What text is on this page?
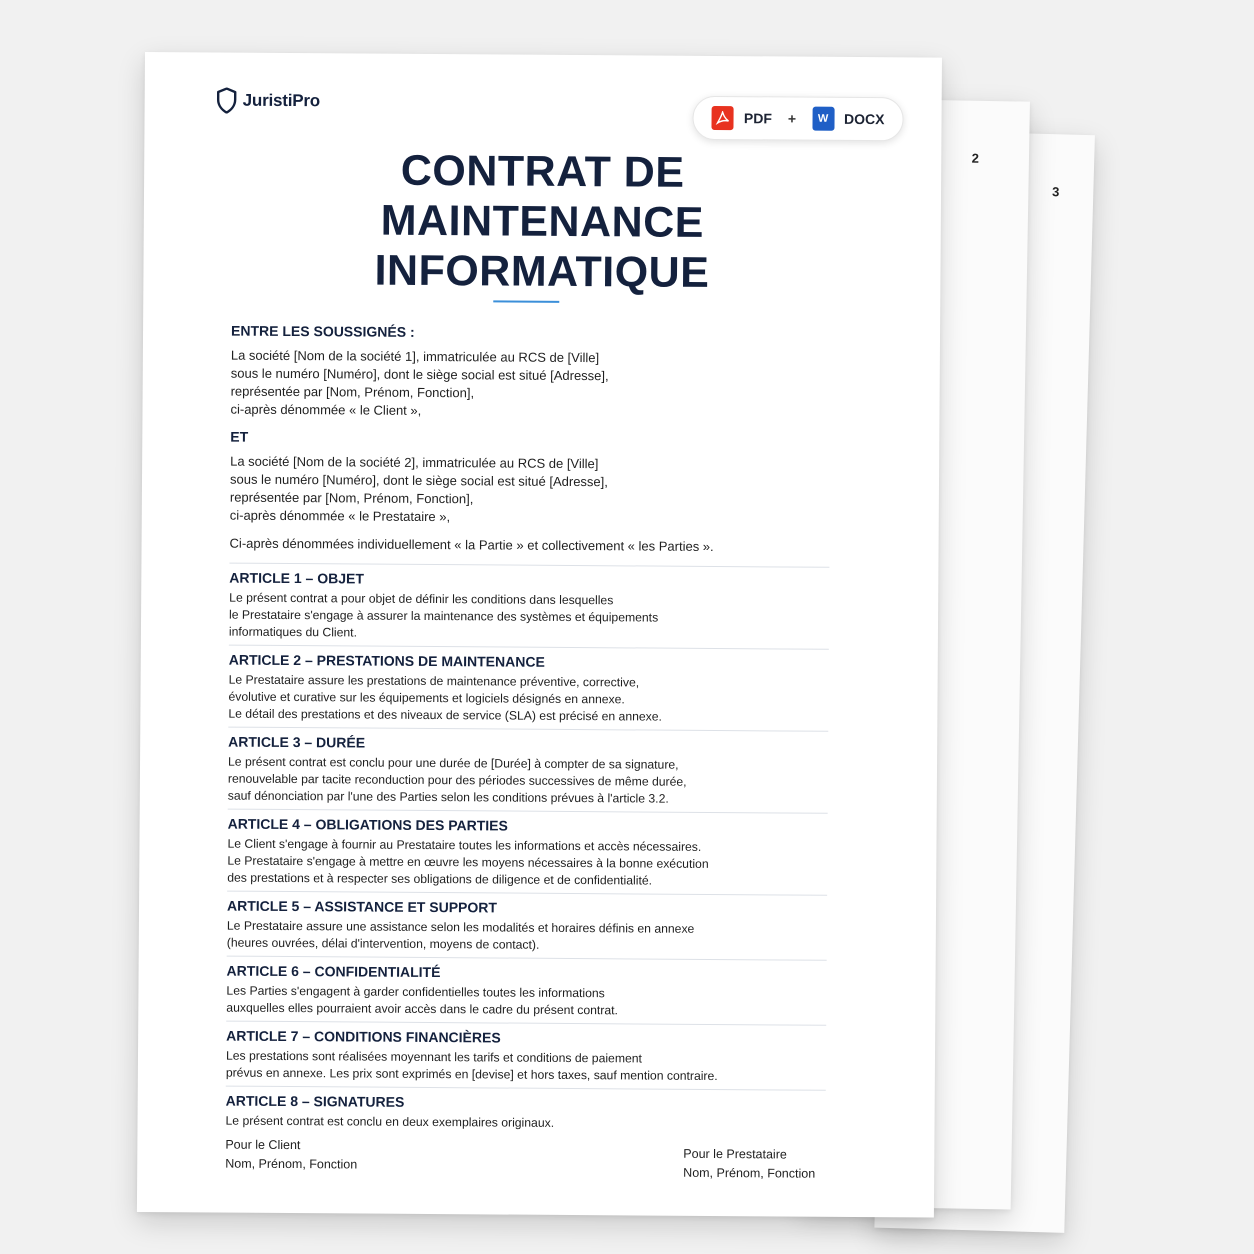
3
2
JuristiPro
PDF +	W	DOCX
CONTRAT DE
MAINTENANCE
INFORMATIQUE

ENTRE LES SOUSSIGNÉS :

La société [Nom de la société 1], immatriculée au RCS de [Ville]
sous le numéro [Numéro], dont le siège social est situé [Adresse],
représentée par [Nom, Prénom, Fonction],
ci-après dénommée « le Client »,

ET

La société [Nom de la société 2], immatriculée au RCS de [Ville]
sous le numéro [Numéro], dont le siège social est situé [Adresse],
représentée par [Nom, Prénom, Fonction],
ci-après dénommée « le Prestataire »,

Ci-après dénommées individuellement « la Partie » et collectivement « les Parties ».

ARTICLE 1 – OBJET

Le présent contrat a pour objet de définir les conditions dans lesquelles
le Prestataire s'engage à assurer la maintenance des systèmes et équipements
informatiques du Client.

ARTICLE 2 – PRESTATIONS DE MAINTENANCE

Le Prestataire assure les prestations de maintenance préventive, corrective,
évolutive et curative sur les équipements et logiciels désignés en annexe.
Le détail des prestations et des niveaux de service (SLA) est précisé en annexe.

ARTICLE 3 – DURÉE

Le présent contrat est conclu pour une durée de [Durée] à compter de sa signature,
renouvelable par tacite reconduction pour des périodes successives de même durée,
sauf dénonciation par l'une des Parties selon les conditions prévues à l'article 3.2.

ARTICLE 4 – OBLIGATIONS DES PARTIES

Le Client s'engage à fournir au Prestataire toutes les informations et accès nécessaires.
Le Prestataire s'engage à mettre en œuvre les moyens nécessaires à la bonne exécution
des prestations et à respecter ses obligations de diligence et de confidentialité.

ARTICLE 5 – ASSISTANCE ET SUPPORT

Le Prestataire assure une assistance selon les modalités et horaires définis en annexe
(heures ouvrées, délai d'intervention, moyens de contact).

ARTICLE 6 – CONFIDENTIALITÉ

Les Parties s'engagent à garder confidentielles toutes les informations
auxquelles elles pourraient avoir accès dans le cadre du présent contrat.

ARTICLE 7 – CONDITIONS FINANCIÈRES

Les prestations sont réalisées moyennant les tarifs et conditions de paiement
prévus en annexe. Les prix sont exprimés en [devise] et hors taxes, sauf mention contraire.

ARTICLE 8 – SIGNATURES

Le présent contrat est conclu en deux exemplaires originaux.

Pour le Client

Nom, Prénom, Fonction

Pour le Prestataire

Nom, Prénom, Fonction
